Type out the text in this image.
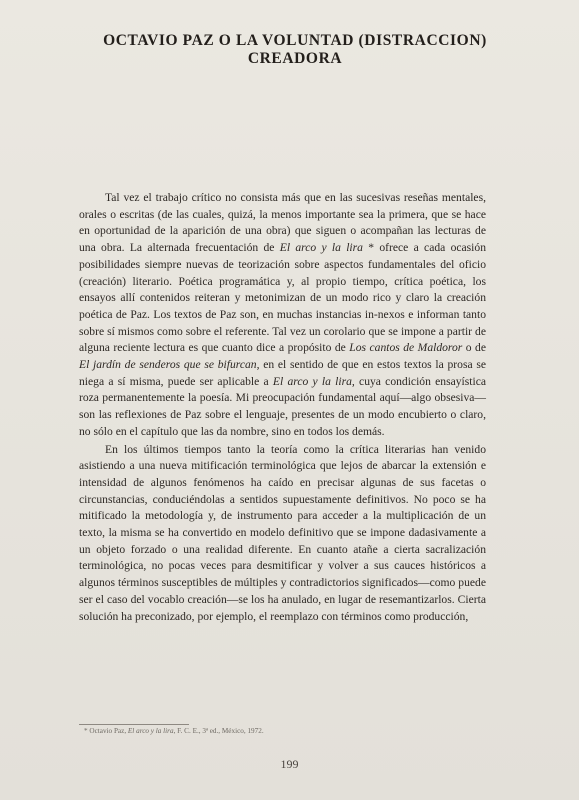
OCTAVIO PAZ O LA VOLUNTAD (DISTRACCION)
CREADORA

Tal vez el trabajo crítico no consista más que en las sucesivas reseñas mentales, orales o escritas (de las cuales, quizá, la menos importante sea la primera, que se hace en oportunidad de la aparición de una obra) que siguen o acompañan las lecturas de una obra. La alternada frecuentación de El arco y la lira * ofrece a cada ocasión posibilidades siempre nuevas de teorización sobre aspectos fundamentales del oficio (creación) literario. Poética programática y, al propio tiempo, crítica poética, los ensayos allí contenidos reiteran y metonimizan de un modo rico y claro la creación poética de Paz. Los textos de Paz son, en muchas instancias in-nexos e informan tanto sobre sí mismos como sobre el referente. Tal vez un corolario que se impone a partir de alguna reciente lectura es que cuanto dice a propósito de Los cantos de Maldoror o de El jardín de senderos que se bifurcan, en el sentido de que en estos textos la prosa se niega a sí misma, puede ser aplicable a El arco y la lira, cuya condición ensayística roza permanentemente la poesía. Mi preocupación fundamental aquí—algo obsesiva—son las reflexiones de Paz sobre el lenguaje, presentes de un modo encubierto o claro, no sólo en el capítulo que las da nombre, sino en todos los demás.

En los últimos tiempos tanto la teoría como la crítica literarias han venido asistiendo a una nueva mitificación terminológica que lejos de abarcar la extensión e intensidad de algunos fenómenos ha caído en precisar algunas de sus facetas o circunstancias, conduciéndolas a sentidos supuestamente definitivos. No poco se ha mitificado la metodología y, de instrumento para acceder a la multiplicación de un texto, la misma se ha convertido en modelo definitivo que se impone dadasivamente a un objeto forzado o una realidad diferente. En cuanto atañe a cierta sacralización terminológica, no pocas veces para desmitificar y volver a sus cauces históricos a algunos términos susceptibles de múltiples y contradictorios significados—como puede ser el caso del vocablo creación—se los ha anulado, en lugar de resemantizarlos. Cierta solución ha preconizado, por ejemplo, el reemplazo con términos como producción,

* Octavio Paz, El arco y la lira, F. C. E., 3ª ed., México, 1972.
199
